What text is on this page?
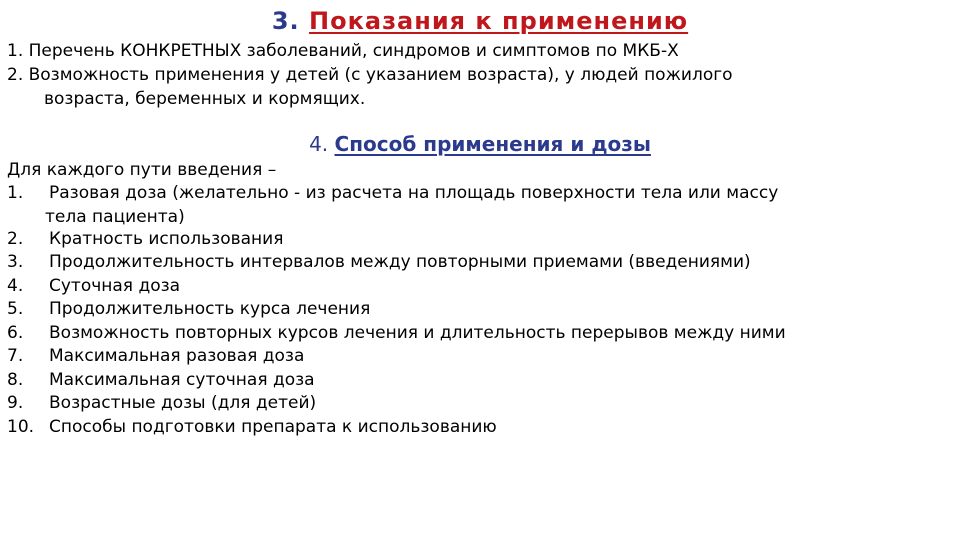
3. Показания к применению
1. Перечень КОНКРЕТНЫХ заболеваний, синдромов и симптомов по МКБ-Х
2. Возможность применения у детей (с указанием возраста), у людей пожилого
возраста, беременных и кормящих.
4. Способ применения и дозы
Для каждого пути введения –
1.	Разовая доза (желательно - из расчета на площадь поверхности тела или массу
тела пациента)
2.	Кратность использования
3.	Продолжительность интервалов между повторными приемами (введениями)
4.	Суточная доза
5.	Продолжительность курса лечения
6.	Возможность повторных курсов лечения и длительность перерывов между ними
7.	Максимальная разовая доза
8.	Максимальная суточная доза
9.	Возрастные дозы (для детей)
10. Способы подготовки препарата к использованию
